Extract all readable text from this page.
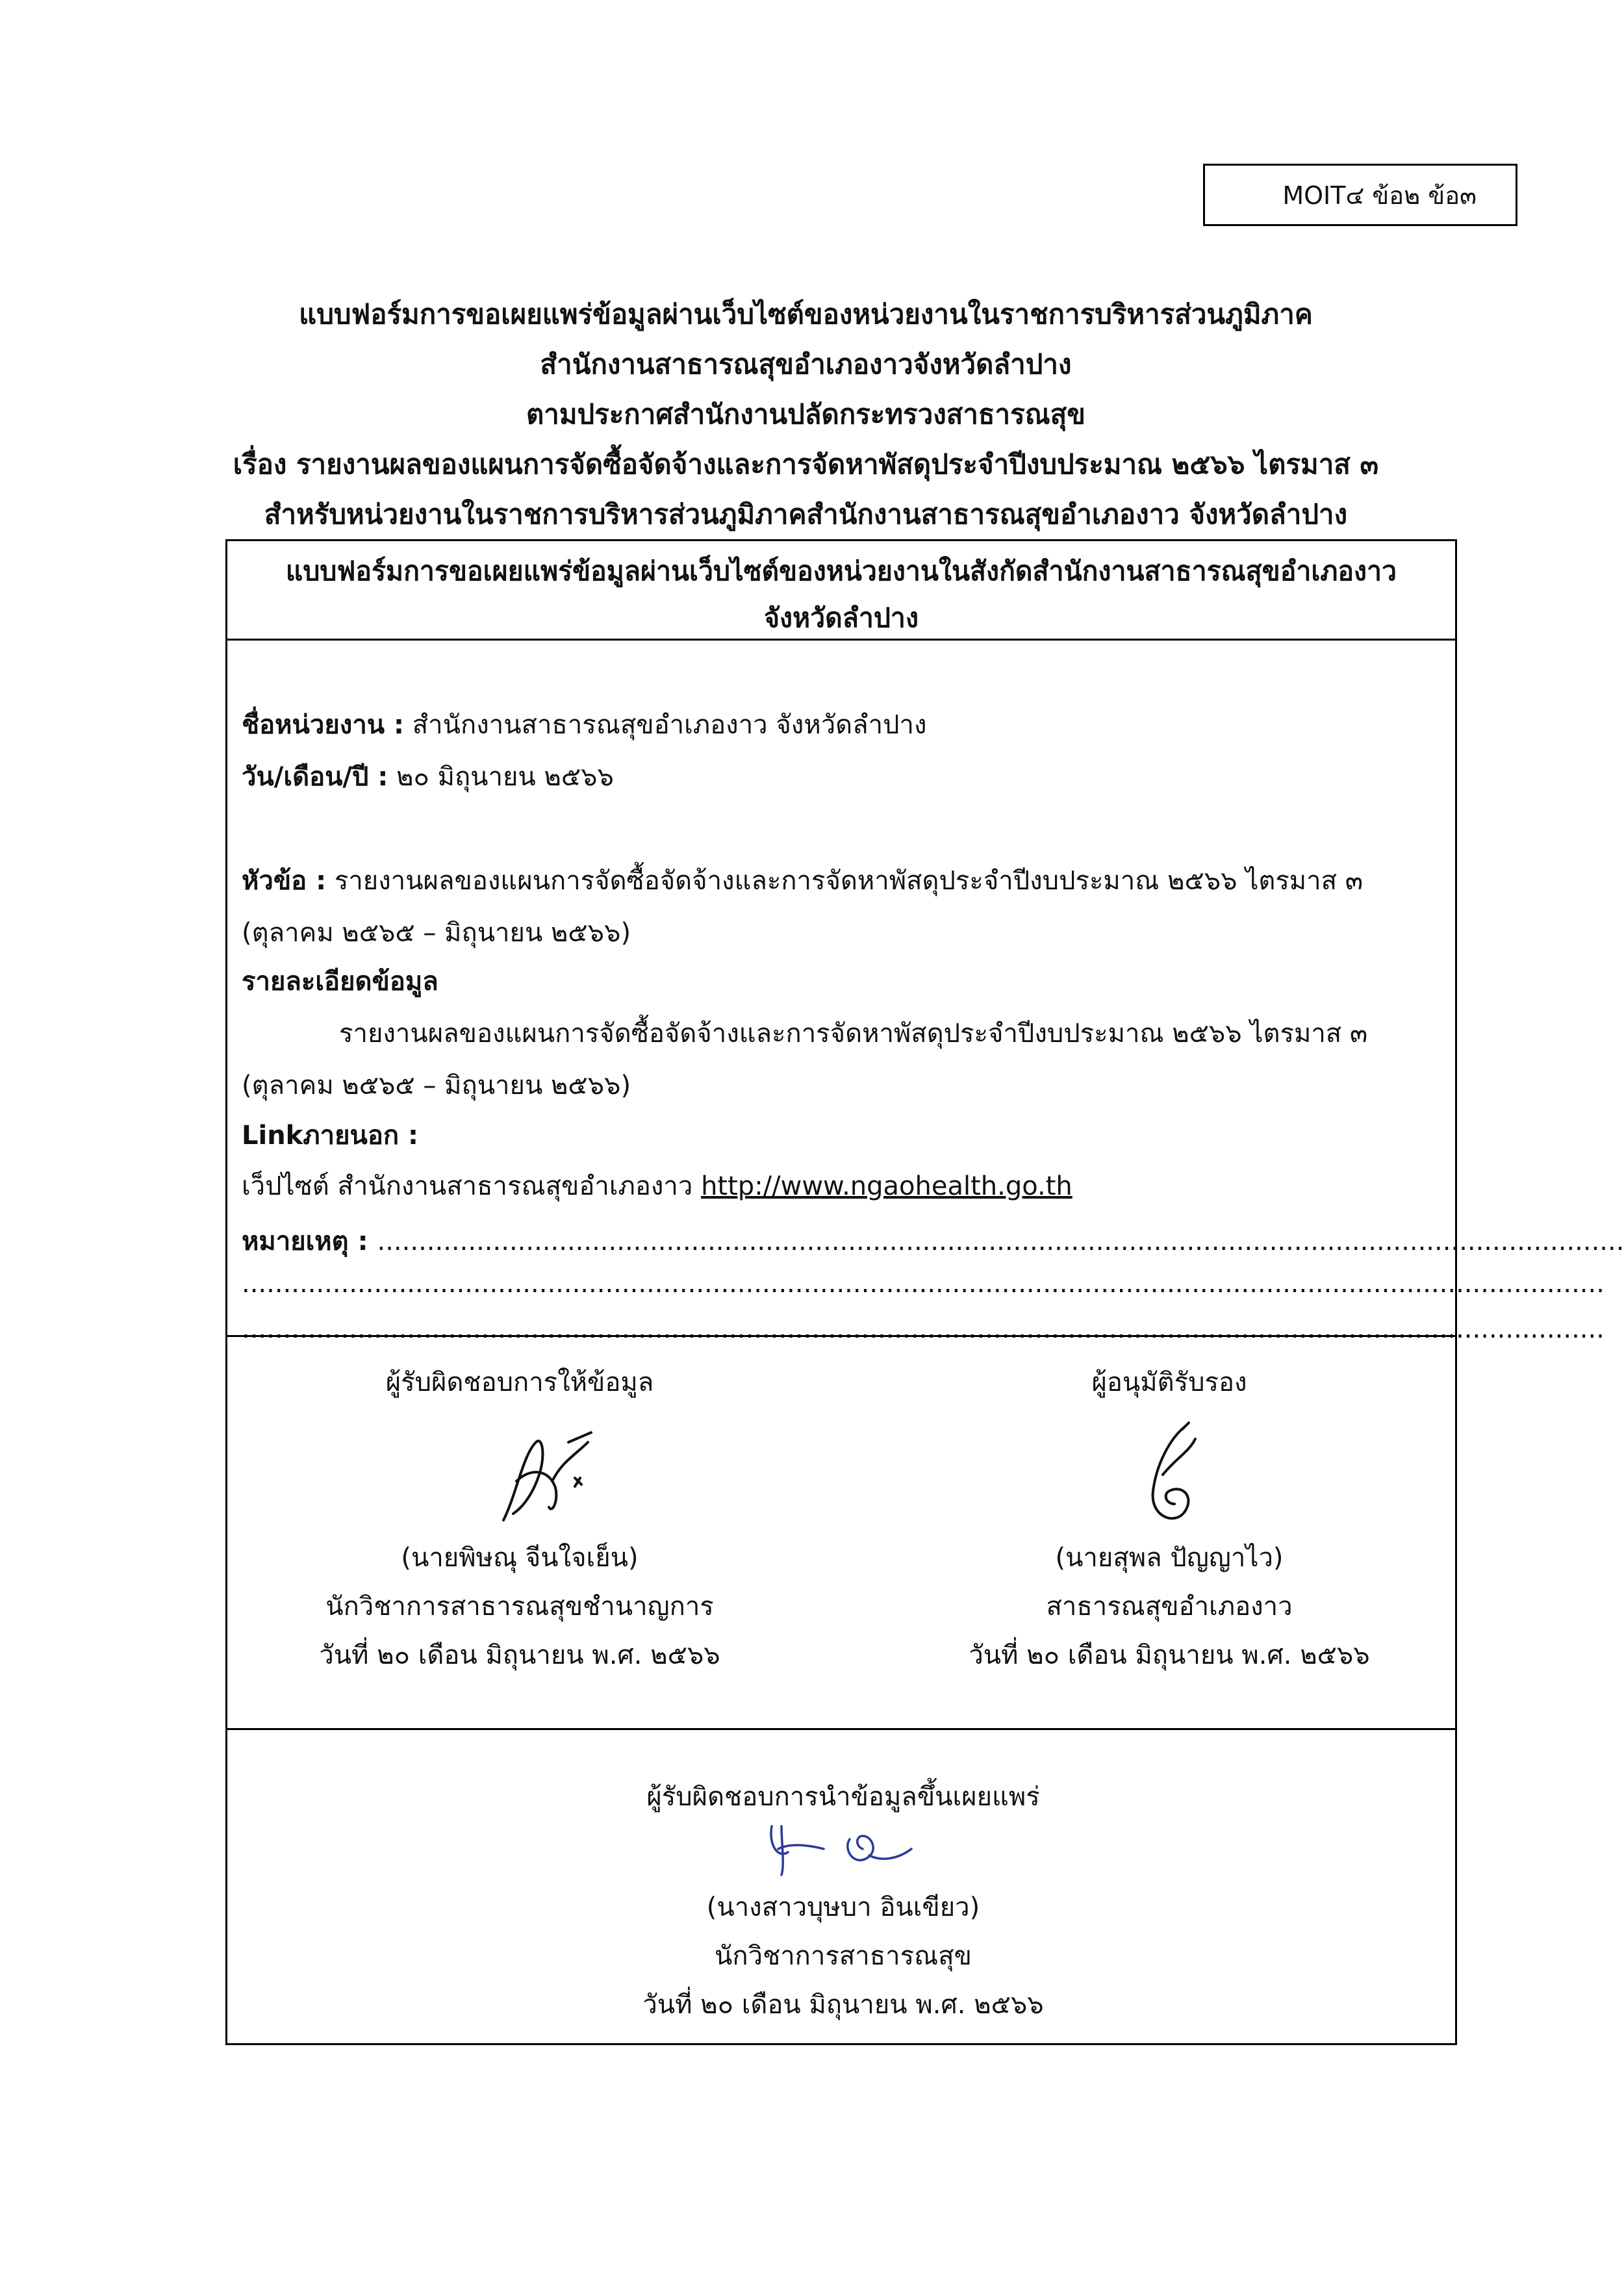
MOIT๔ ข้อ๒ ข้อ๓
แบบฟอร์มการขอเผยแพร่ข้อมูลผ่านเว็บไซต์ของหน่วยงานในราชการบริหารส่วนภูมิภาค
สำนักงานสาธารณสุขอำเภองาวจังหวัดลำปาง
ตามประกาศสำนักงานปลัดกระทรวงสาธารณสุข
เรื่อง รายงานผลของแผนการจัดซื้อจัดจ้างและการจัดหาพัสดุประจำปีงบประมาณ ๒๕๖๖ ไตรมาส ๓
สำหรับหน่วยงานในราชการบริหารส่วนภูมิภาคสำนักงานสาธารณสุขอำเภองาว จังหวัดลำปาง
แบบฟอร์มการขอเผยแพร่ข้อมูลผ่านเว็บไซต์ของหน่วยงานในสังกัดสำนักงานสาธารณสุขอำเภองาว
จังหวัดลำปาง
ชื่อหน่วยงาน : สำนักงานสาธารณสุขอำเภองาว จังหวัดลำปาง
วัน/เดือน/ปี : ๒๐ มิถุนายน ๒๕๖๖
หัวข้อ : รายงานผลของแผนการจัดซื้อจัดจ้างและการจัดหาพัสดุประจำปีงบประมาณ ๒๕๖๖ ไตรมาส ๓
(ตุลาคม ๒๕๖๕ – มิถุนายน ๒๕๖๖)
รายละเอียดข้อมูล
รายงานผลของแผนการจัดซื้อจัดจ้างและการจัดหาพัสดุประจำปีงบประมาณ ๒๕๖๖ ไตรมาส ๓
(ตุลาคม ๒๕๖๕ – มิถุนายน ๒๕๖๖)
Linkภายนอก :
เว็ปไซต์ สำนักงานสาธารณสุขอำเภองาว http://www.ngaohealth.go.th
หมายเหตุ : .......................................................................................................................................................
.....................................................................................................................................................................
.....................................................................................................................................................................
ผู้รับผิดชอบการให้ข้อมูล
(นายพิษณุ จีนใจเย็น)
นักวิชาการสาธารณสุขชำนาญการ
วันที่ ๒๐ เดือน มิถุนายน พ.ศ. ๒๕๖๖
ผู้อนุมัติรับรอง
(นายสุพล ปัญญาไว)
สาธารณสุขอำเภองาว
วันที่ ๒๐ เดือน มิถุนายน พ.ศ. ๒๕๖๖
ผู้รับผิดชอบการนำข้อมูลขึ้นเผยแพร่
(นางสาวบุษบา อินเขียว)
นักวิชาการสาธารณสุข
วันที่ ๒๐ เดือน มิถุนายน พ.ศ. ๒๕๖๖
